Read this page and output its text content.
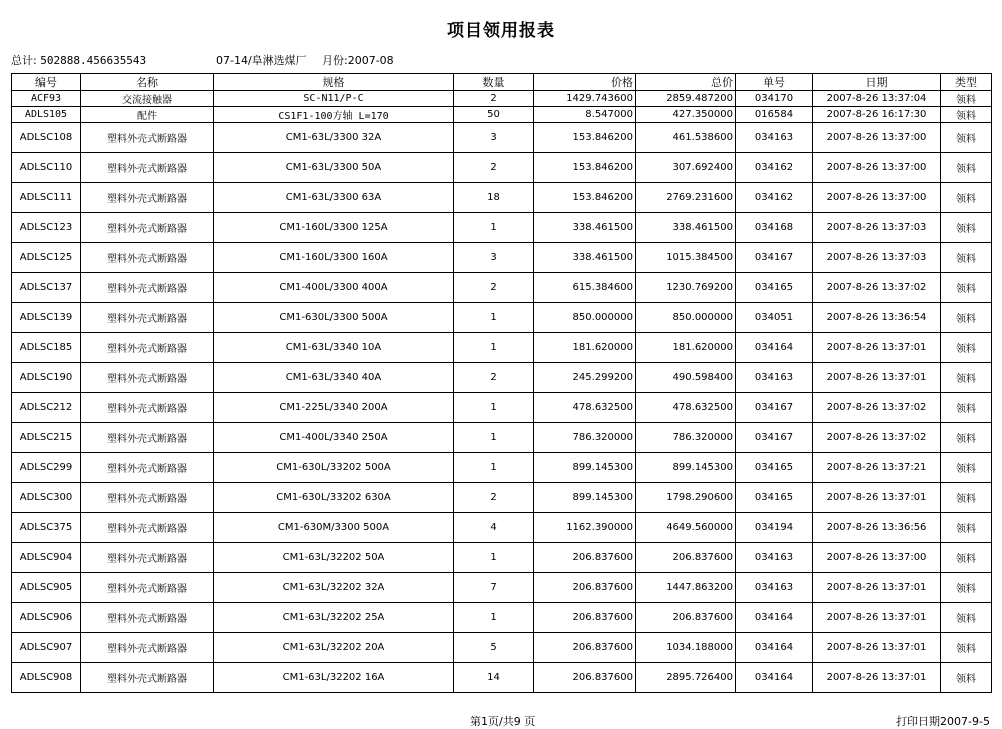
项目领用报表
总计: 502888.456635543	07-14/阜淋选煤厂 月份:2007-08
编号	名称	规格	数量	价格	总价	单号	日期	类型
ACF93	交流接触器	SC-N11/P-C	2	1429.743600	2859.487200	034170	2007-8-26 13:37:04	领料
ADLS105	配件	CS1F1-100方轴 L=170	50	8.547000	427.350000	016584	2007-8-26 16:17:30	领料
ADLSC108	塑料外壳式断路器	CM1-63L/3300 32A	3	153.846200	461.538600	034163	2007-8-26 13:37:00	领料
ADLSC110	塑料外壳式断路器	CM1-63L/3300 50A	2	153.846200	307.692400	034162	2007-8-26 13:37:00	领料
ADLSC111	塑料外壳式断路器	CM1-63L/3300 63A	18	153.846200	2769.231600	034162	2007-8-26 13:37:00	领料
ADLSC123	塑料外壳式断路器	CM1-160L/3300 125A	1	338.461500	338.461500	034168	2007-8-26 13:37:03	领料
ADLSC125	塑料外壳式断路器	CM1-160L/3300 160A	3	338.461500	1015.384500	034167	2007-8-26 13:37:03	领料
ADLSC137	塑料外壳式断路器	CM1-400L/3300 400A	2	615.384600	1230.769200	034165	2007-8-26 13:37:02	领料
ADLSC139	塑料外壳式断路器	CM1-630L/3300 500A	1	850.000000	850.000000	034051	2007-8-26 13:36:54	领料
ADLSC185	塑料外壳式断路器	CM1-63L/3340 10A	1	181.620000	181.620000	034164	2007-8-26 13:37:01	领料
ADLSC190	塑料外壳式断路器	CM1-63L/3340 40A	2	245.299200	490.598400	034163	2007-8-26 13:37:01	领料
ADLSC212	塑料外壳式断路器	CM1-225L/3340 200A	1	478.632500	478.632500	034167	2007-8-26 13:37:02	领料
ADLSC215	塑料外壳式断路器	CM1-400L/3340 250A	1	786.320000	786.320000	034167	2007-8-26 13:37:02	领料
ADLSC299	塑料外壳式断路器	CM1-630L/33202 500A	1	899.145300	899.145300	034165	2007-8-26 13:37:21	领料
ADLSC300	塑料外壳式断路器	CM1-630L/33202 630A	2	899.145300	1798.290600	034165	2007-8-26 13:37:01	领料
ADLSC375	塑料外壳式断路器	CM1-630M/3300 500A	4	1162.390000	4649.560000	034194	2007-8-26 13:36:56	领料
ADLSC904	塑料外壳式断路器	CM1-63L/32202 50A	1	206.837600	206.837600	034163	2007-8-26 13:37:00	领料
ADLSC905	塑料外壳式断路器	CM1-63L/32202 32A	7	206.837600	1447.863200	034163	2007-8-26 13:37:01	领料
ADLSC906	塑料外壳式断路器	CM1-63L/32202 25A	1	206.837600	206.837600	034164	2007-8-26 13:37:01	领料
ADLSC907	塑料外壳式断路器	CM1-63L/32202 20A	5	206.837600	1034.188000	034164	2007-8-26 13:37:01	领料
ADLSC908	塑料外壳式断路器	CM1-63L/32202 16A	14	206.837600	2895.726400	034164	2007-8-26 13:37:01	领料
第1页/共9 页	打印日期2007-9-5
